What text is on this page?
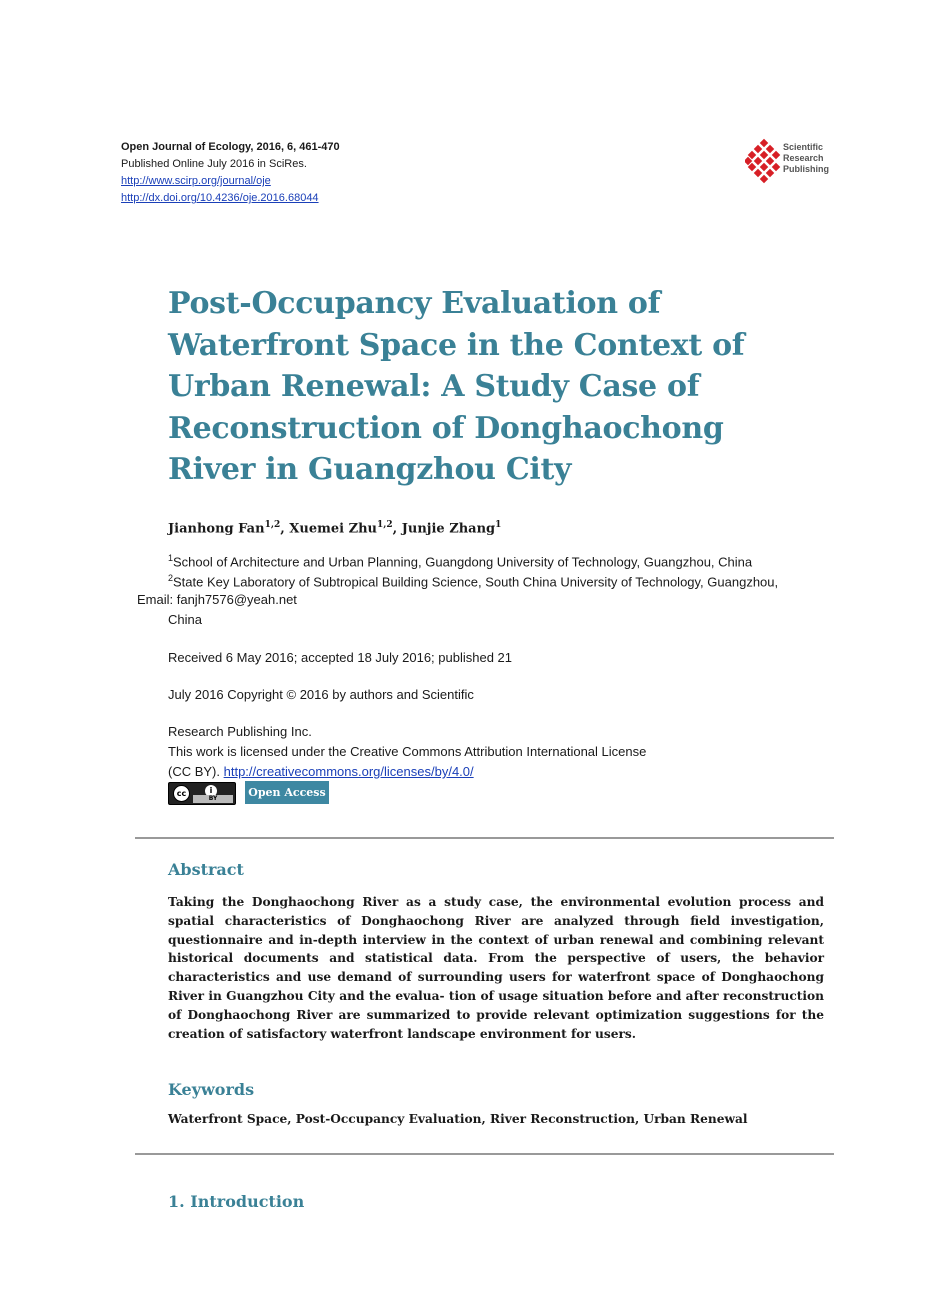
Open Journal of Ecology, 2016, 6, 461-470
Published Online July 2016 in SciRes.
http://www.scirp.org/journal/oje
http://dx.doi.org/10.4236/oje.2016.68044
Scientific
Research
Publishing
Post-Occupancy Evaluation of
Waterfront Space in the Context of
Urban Renewal: A Study Case of
Reconstruction of Donghaochong
River in Guangzhou City
Jianhong Fan$^{1,2}$, Xuemei Zhu$^{1,2}$, Junjie Zhang$^1$
$^1$School of Architecture and Urban Planning, Guangdong University of Technology, Guangzhou, China
$^2$State Key Laboratory of Subtropical Building Science, South China University of Technology, Guangzhou,
Email: fanjh7576@yeah.net
China
Received 6 May 2016; accepted 18 July 2016; published 21
July 2016 Copyright © 2016 by authors and Scientific
Research Publishing Inc.
This work is licensed under the Creative Commons Attribution International License
(CC BY). http://creativecommons.org/licenses/by/4.0/
cc	i
BY	Open Access
Abstract

Taking the Donghaochong River as a study case, the environmental evolution process and spatial characteristics of Donghaochong River are analyzed through field investigation, questionnaire and in-depth interview in the context of urban renewal and combining relevant historical documents and statistical data. From the perspective of users, the behavior characteristics and use demand of surrounding users for waterfront space of Donghaochong River in Guangzhou City and the evalua- tion of usage situation before and after reconstruction of Donghaochong River are summarized to provide relevant optimization suggestions for the creation of satisfactory waterfront landscape environment for users.

Keywords
Waterfront Space, Post-Occupancy Evaluation, River Reconstruction, Urban Renewal
1. Introduction
